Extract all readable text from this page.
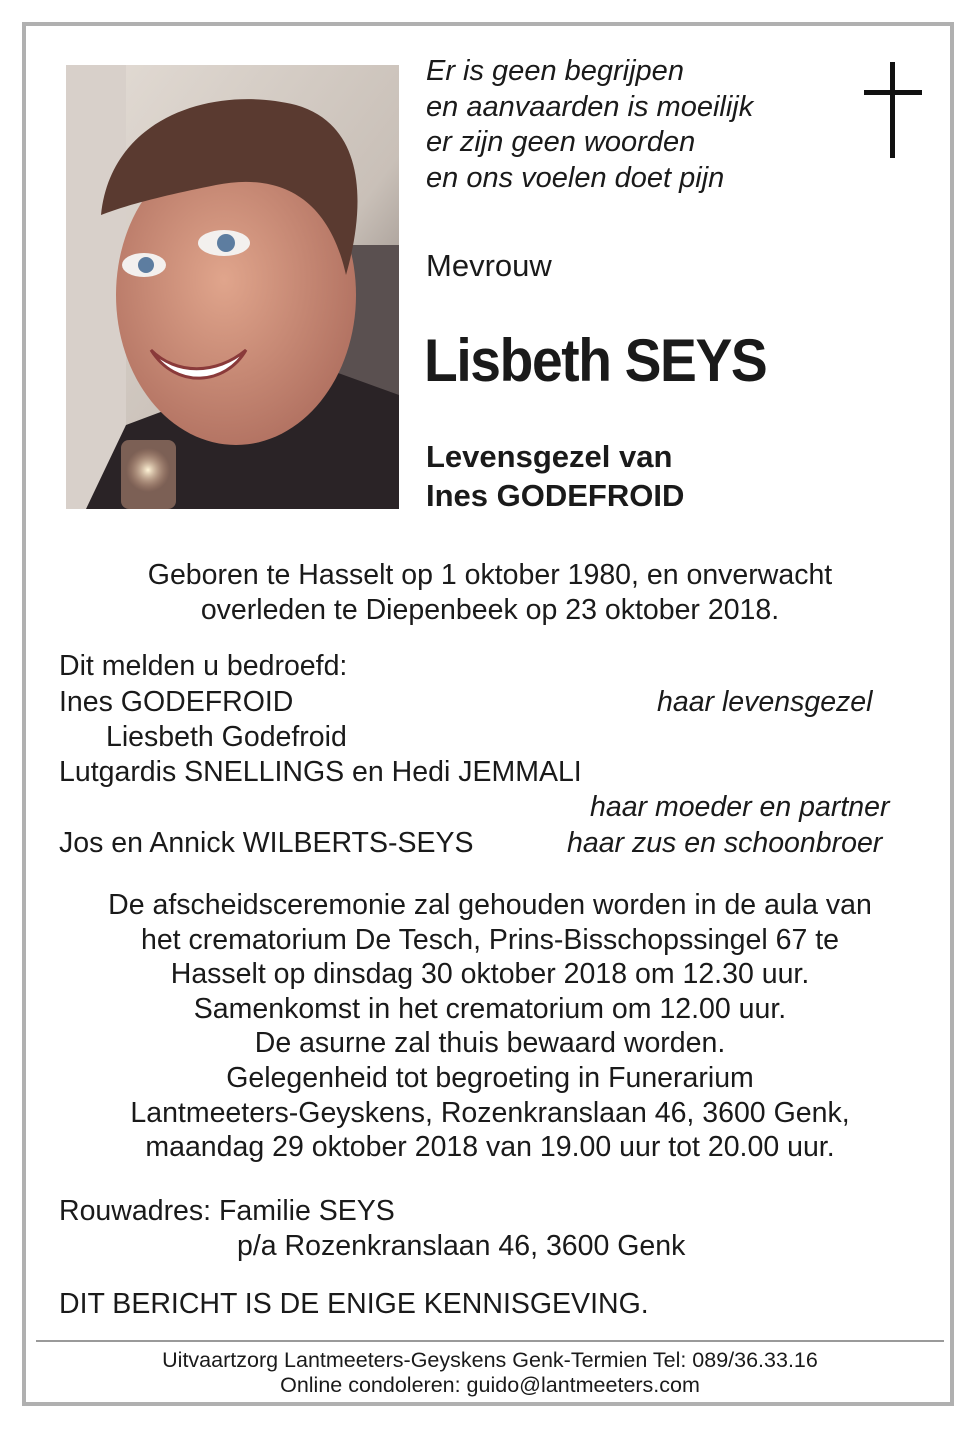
Er is geen begrijpen
en aanvaarden is moeilijk
er zijn geen woorden
en ons voelen doet pijn
Mevrouw
Lisbeth SEYS
Levensgezel van
Ines GODEFROID
Geboren te Hasselt op 1 oktober 1980, en onverwacht
overleden te Diepenbeek op 23 oktober 2018.
Dit melden u bedroefd:
Ines GODEFROID	haar levensgezel
Liesbeth Godefroid
Lutgardis SNELLINGS en Hedi JEMMALI
haar moeder en partner
Jos en Annick WILBERTS-SEYS	haar zus en schoonbroer
De afscheidsceremonie zal gehouden worden in de aula van
het crematorium De Tesch, Prins-Bisschopssingel 67 te
Hasselt op dinsdag 30 oktober 2018 om 12.30 uur.
Samenkomst in het crematorium om 12.00 uur.
De asurne zal thuis bewaard worden.
Gelegenheid tot begroeting in Funerarium
Lantmeeters-Geyskens, Rozenkranslaan 46, 3600 Genk,
maandag 29 oktober 2018 van 19.00 uur tot 20.00 uur.
Rouwadres: Familie SEYS
p/a Rozenkranslaan 46, 3600 Genk
DIT BERICHT IS DE ENIGE KENNISGEVING.
Uitvaartzorg Lantmeeters-Geyskens Genk-Termien Tel: 089/36.33.16
Online condoleren: guido@lantmeeters.com
